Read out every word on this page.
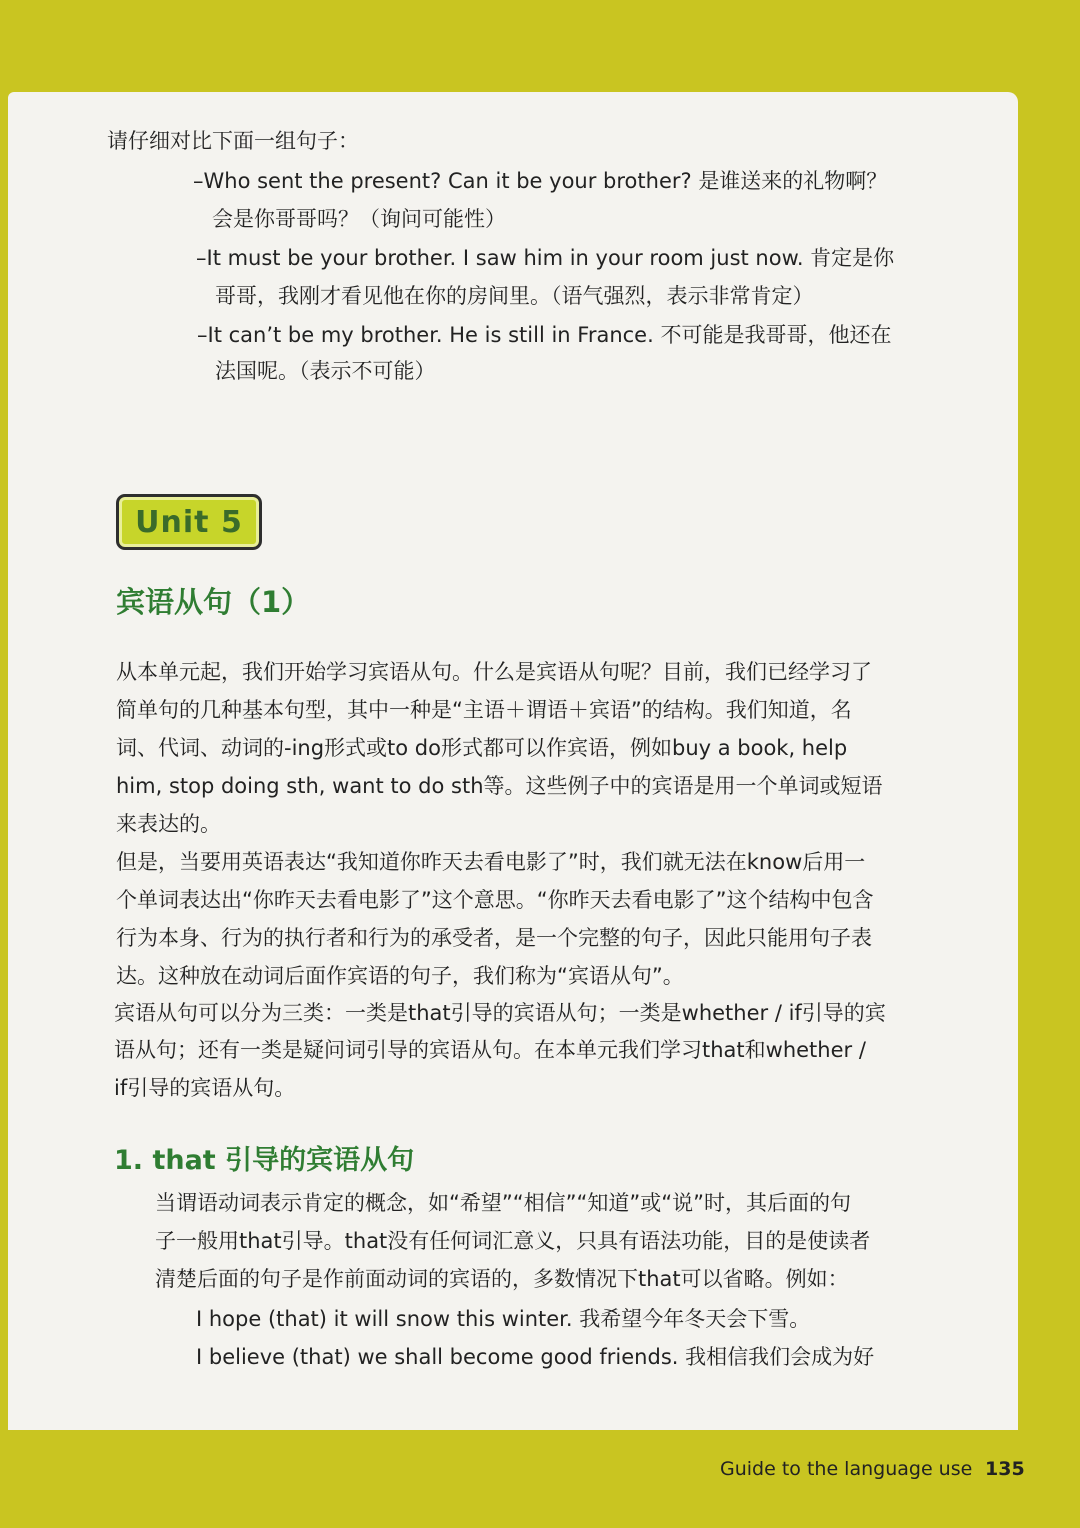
请仔细对比下面一组句子：

–Who sent the present? Can it be your brother? 是谁送来的礼物啊？

会是你哥哥吗？（询问可能性）

–It must be your brother. I saw him in your room just now. 肯定是你

哥哥，我刚才看见他在你的房间里。（语气强烈，表示非常肯定）

–It can’t be my brother. He is still in France. 不可能是我哥哥，他还在

法国呢。（表示不可能）

Unit 5

宾语从句（1）

从本单元起，我们开始学习宾语从句。什么是宾语从句呢？目前，我们已经学习了

简单句的几种基本句型，其中一种是“主语＋谓语＋宾语”的结构。我们知道，名

词、代词、动词的-ing形式或to do形式都可以作宾语，例如buy a book, help

him, stop doing sth, want to do sth等。这些例子中的宾语是用一个单词或短语

来表达的。

但是，当要用英语表达“我知道你昨天去看电影了”时，我们就无法在know后用一

个单词表达出“你昨天去看电影了”这个意思。“你昨天去看电影了”这个结构中包含

行为本身、行为的执行者和行为的承受者，是一个完整的句子，因此只能用句子表

达。这种放在动词后面作宾语的句子，我们称为“宾语从句”。

宾语从句可以分为三类：一类是that引导的宾语从句；一类是whether / if引导的宾

语从句；还有一类是疑问词引导的宾语从句。在本单元我们学习that和whether /

if引导的宾语从句。

1. that 引导的宾语从句

当谓语动词表示肯定的概念，如“希望”“相信”“知道”或“说”时，其后面的句

子一般用that引导。that没有任何词汇意义，只具有语法功能，目的是使读者

清楚后面的句子是作前面动词的宾语的，多数情况下that可以省略。例如：

I hope (that) it will snow this winter. 我希望今年冬天会下雪。

I believe (that) we shall become good friends. 我相信我们会成为好

Guide to the language use 135
